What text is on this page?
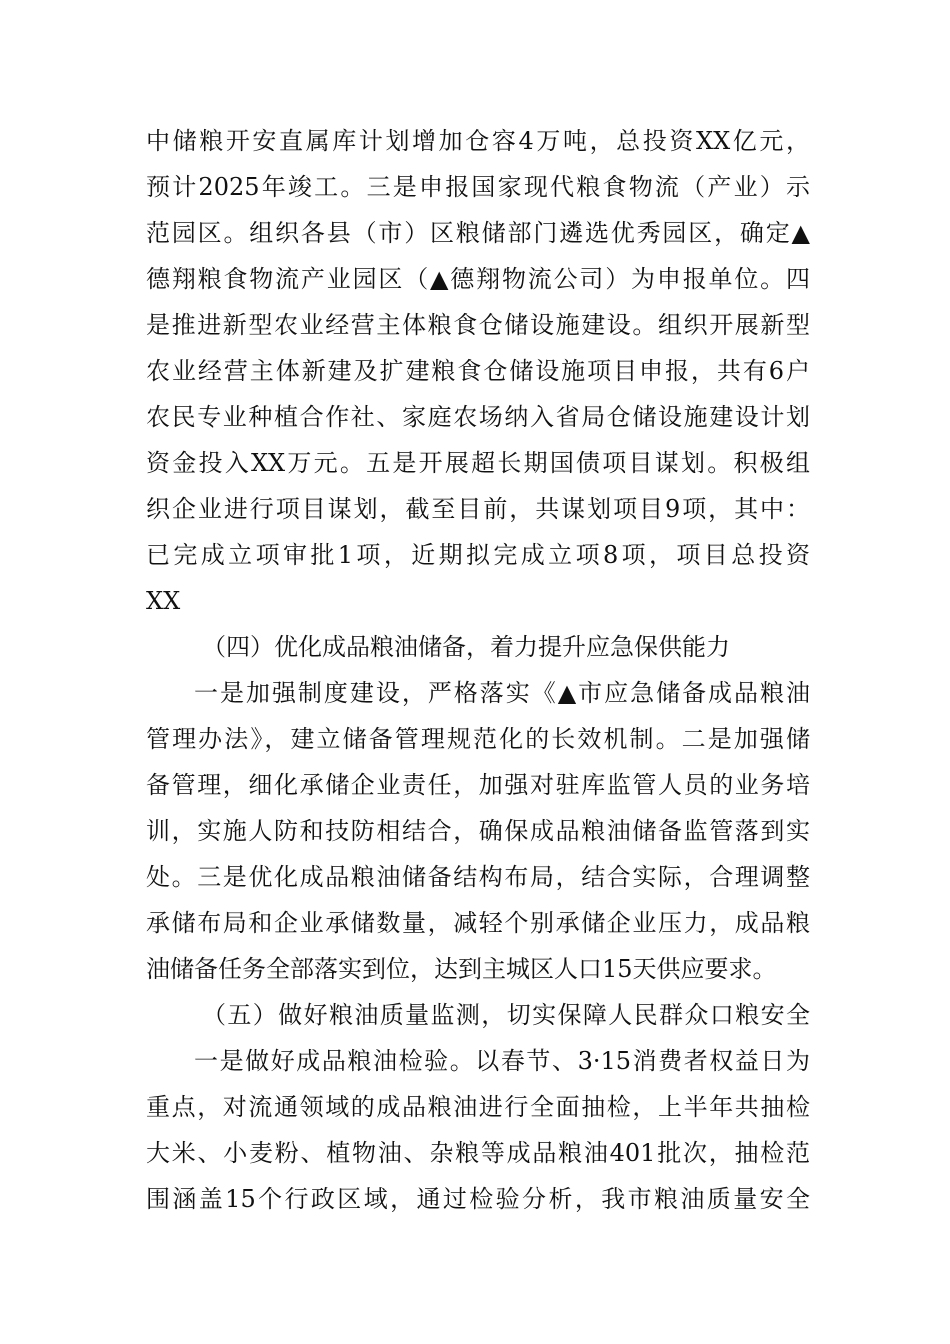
中储粮开安直属库计划增加仓容4万吨，总投资XX亿元，
预计2025年竣工。三是申报国家现代粮食物流（产业）示
范园区。组织各县（市）区粮储部门遴选优秀园区，确定▲
德翔粮食物流产业园区（▲德翔物流公司）为申报单位。四
是推进新型农业经营主体粮食仓储设施建设。组织开展新型
农业经营主体新建及扩建粮食仓储设施项目申报，共有6户
农民专业种植合作社、家庭农场纳入省局仓储设施建设计划
资金投入XX万元。五是开展超长期国债项目谋划。积极组
织企业进行项目谋划，截至目前，共谋划项目9项，其中：
已完成立项审批1项，近期拟完成立项8项，项目总投资
XX
（四）优化成品粮油储备，着力提升应急保供能力
一是加强制度建设，严格落实《▲市应急储备成品粮油
管理办法》，建立储备管理规范化的长效机制。二是加强储
备管理，细化承储企业责任，加强对驻库监管人员的业务培
训，实施人防和技防相结合，确保成品粮油储备监管落到实
处。三是优化成品粮油储备结构布局，结合实际，合理调整
承储布局和企业承储数量，减轻个别承储企业压力，成品粮
油储备任务全部落实到位，达到主城区人口15天供应要求。
（五）做好粮油质量监测，切实保障人民群众口粮安全
一是做好成品粮油检验。以春节、3·15消费者权益日为
重点，对流通领域的成品粮油进行全面抽检，上半年共抽检
大米、小麦粉、植物油、杂粮等成品粮油401批次，抽检范
围涵盖15个行政区域，通过检验分析，我市粮油质量安全
